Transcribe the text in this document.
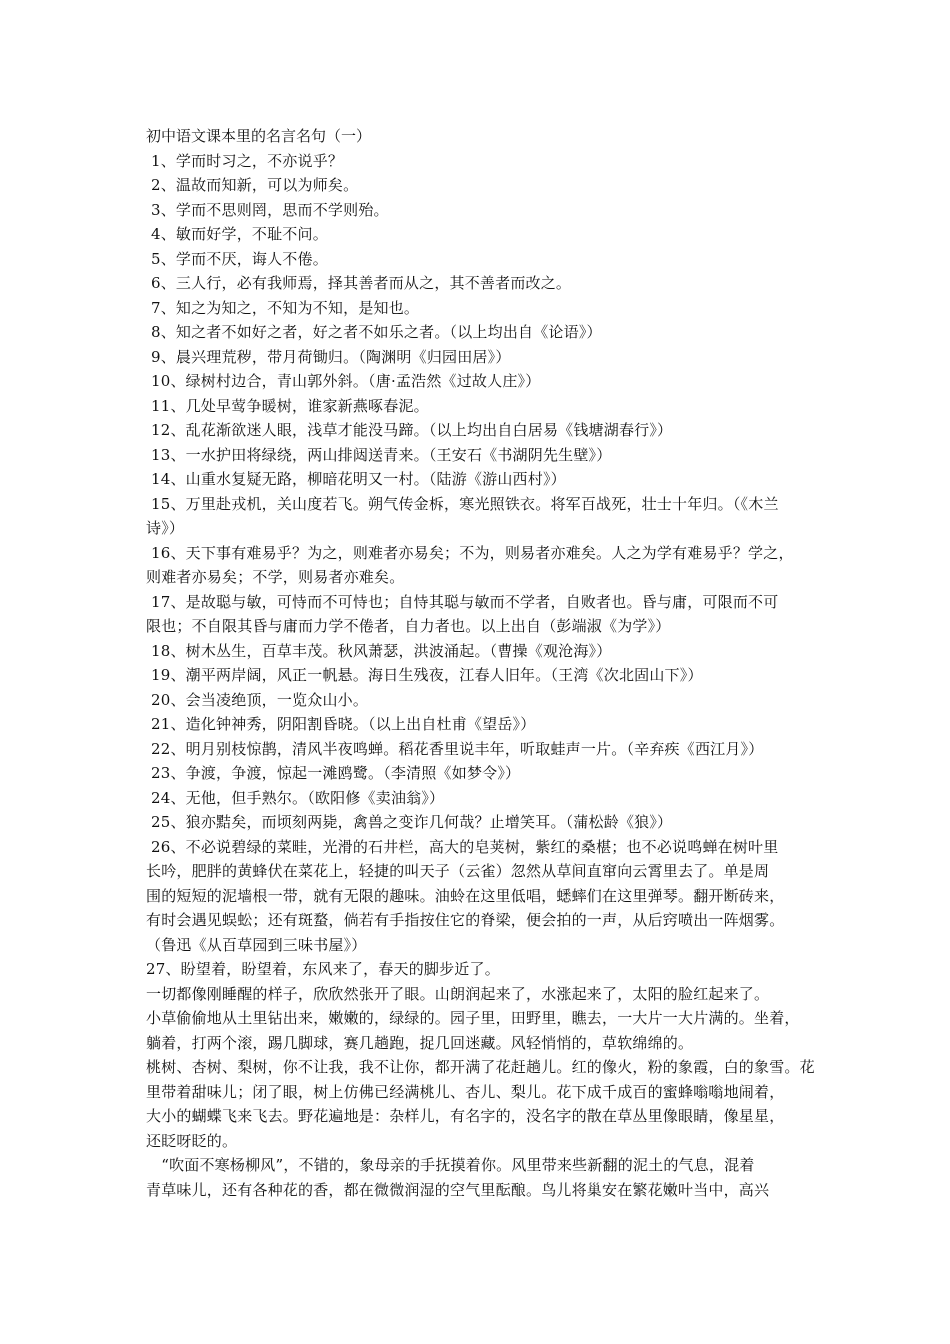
初中语文课本里的名言名句（一）

1、学而时习之，不亦说乎？

2、温故而知新，可以为师矣。

3、学而不思则罔，思而不学则殆。

4、敏而好学，不耻不问。

5、学而不厌，诲人不倦。

6、三人行，必有我师焉，择其善者而从之，其不善者而改之。

7、知之为知之，不知为不知，是知也。

8、知之者不如好之者，好之者不如乐之者。（以上均出自《论语》）

9、晨兴理荒秽，带月荷锄归。（陶渊明《归园田居》）

10、绿树村边合，青山郭外斜。（唐·孟浩然《过故人庄》）

11、几处早莺争暖树，谁家新燕啄春泥。

12、乱花渐欲迷人眼，浅草才能没马蹄。（以上均出自白居易《钱塘湖春行》）

13、一水护田将绿绕，两山排闼送青来。（王安石《书湖阴先生壁》）

14、山重水复疑无路，柳暗花明又一村。（陆游《游山西村》）

15、万里赴戎机，关山度若飞。朔气传金柝，寒光照铁衣。将军百战死，壮士十年归。（《木兰

诗》）

16、天下事有难易乎？为之，则难者亦易矣；不为，则易者亦难矣。人之为学有难易乎？学之，

则难者亦易矣；不学，则易者亦难矣。

17、是故聪与敏，可恃而不可恃也；自恃其聪与敏而不学者，自败者也。昏与庸，可限而不可

限也；不自限其昏与庸而力学不倦者，自力者也。以上出自（彭端淑《为学》）

18、树木丛生，百草丰茂。秋风萧瑟，洪波涌起。（曹操《观沧海》）

19、潮平两岸阔，风正一帆悬。海日生残夜，江春人旧年。（王湾《次北固山下》）

20、会当凌绝顶，一览众山小。

21、造化钟神秀，阴阳割昏晓。（以上出自杜甫《望岳》）

22、明月别枝惊鹊，清风半夜鸣蝉。稻花香里说丰年，听取蛙声一片。（辛弃疾《西江月》）

23、争渡，争渡，惊起一滩鸥鹭。（李清照《如梦令》）

24、无他，但手熟尔。（欧阳修《卖油翁》）

25、狼亦黠矣，而顷刻两毙，禽兽之变诈几何哉？止增笑耳。（蒲松龄《狼》）

26、不必说碧绿的菜畦，光滑的石井栏，高大的皂荚树，紫红的桑椹；也不必说鸣蝉在树叶里

长吟，肥胖的黄蜂伏在菜花上，轻捷的叫天子（云雀）忽然从草间直窜向云霄里去了。单是周

围的短短的泥墙根一带，就有无限的趣味。油蛉在这里低唱，蟋蟀们在这里弹琴。翻开断砖来，

有时会遇见蜈蚣；还有斑蝥，倘若有手指按住它的脊梁，便会拍的一声，从后窍喷出一阵烟雾。

（鲁迅《从百草园到三味书屋》）

27、盼望着，盼望着，东风来了，春天的脚步近了。

一切都像刚睡醒的样子，欣欣然张开了眼。山朗润起来了，水涨起来了，太阳的脸红起来了。

小草偷偷地从土里钻出来，嫩嫩的，绿绿的。园子里，田野里，瞧去，一大片一大片满的。坐着，

躺着，打两个滚，踢几脚球，赛几趟跑，捉几回迷藏。风轻悄悄的，草软绵绵的。

桃树、杏树、梨树，你不让我，我不让你，都开满了花赶趟儿。红的像火，粉的象霞，白的象雪。花

里带着甜味儿；闭了眼，树上仿佛已经满桃儿、杏儿、梨儿。花下成千成百的蜜蜂嗡嗡地闹着，

大小的蝴蝶飞来飞去。野花遍地是：杂样儿，有名字的，没名字的散在草丛里像眼睛，像星星，

还眨呀眨的。

　“吹面不寒杨柳风”，不错的，象母亲的手抚摸着你。风里带来些新翻的泥土的气息，混着

青草味儿，还有各种花的香，都在微微润湿的空气里酝酿。鸟儿将巢安在繁花嫩叶当中，高兴
